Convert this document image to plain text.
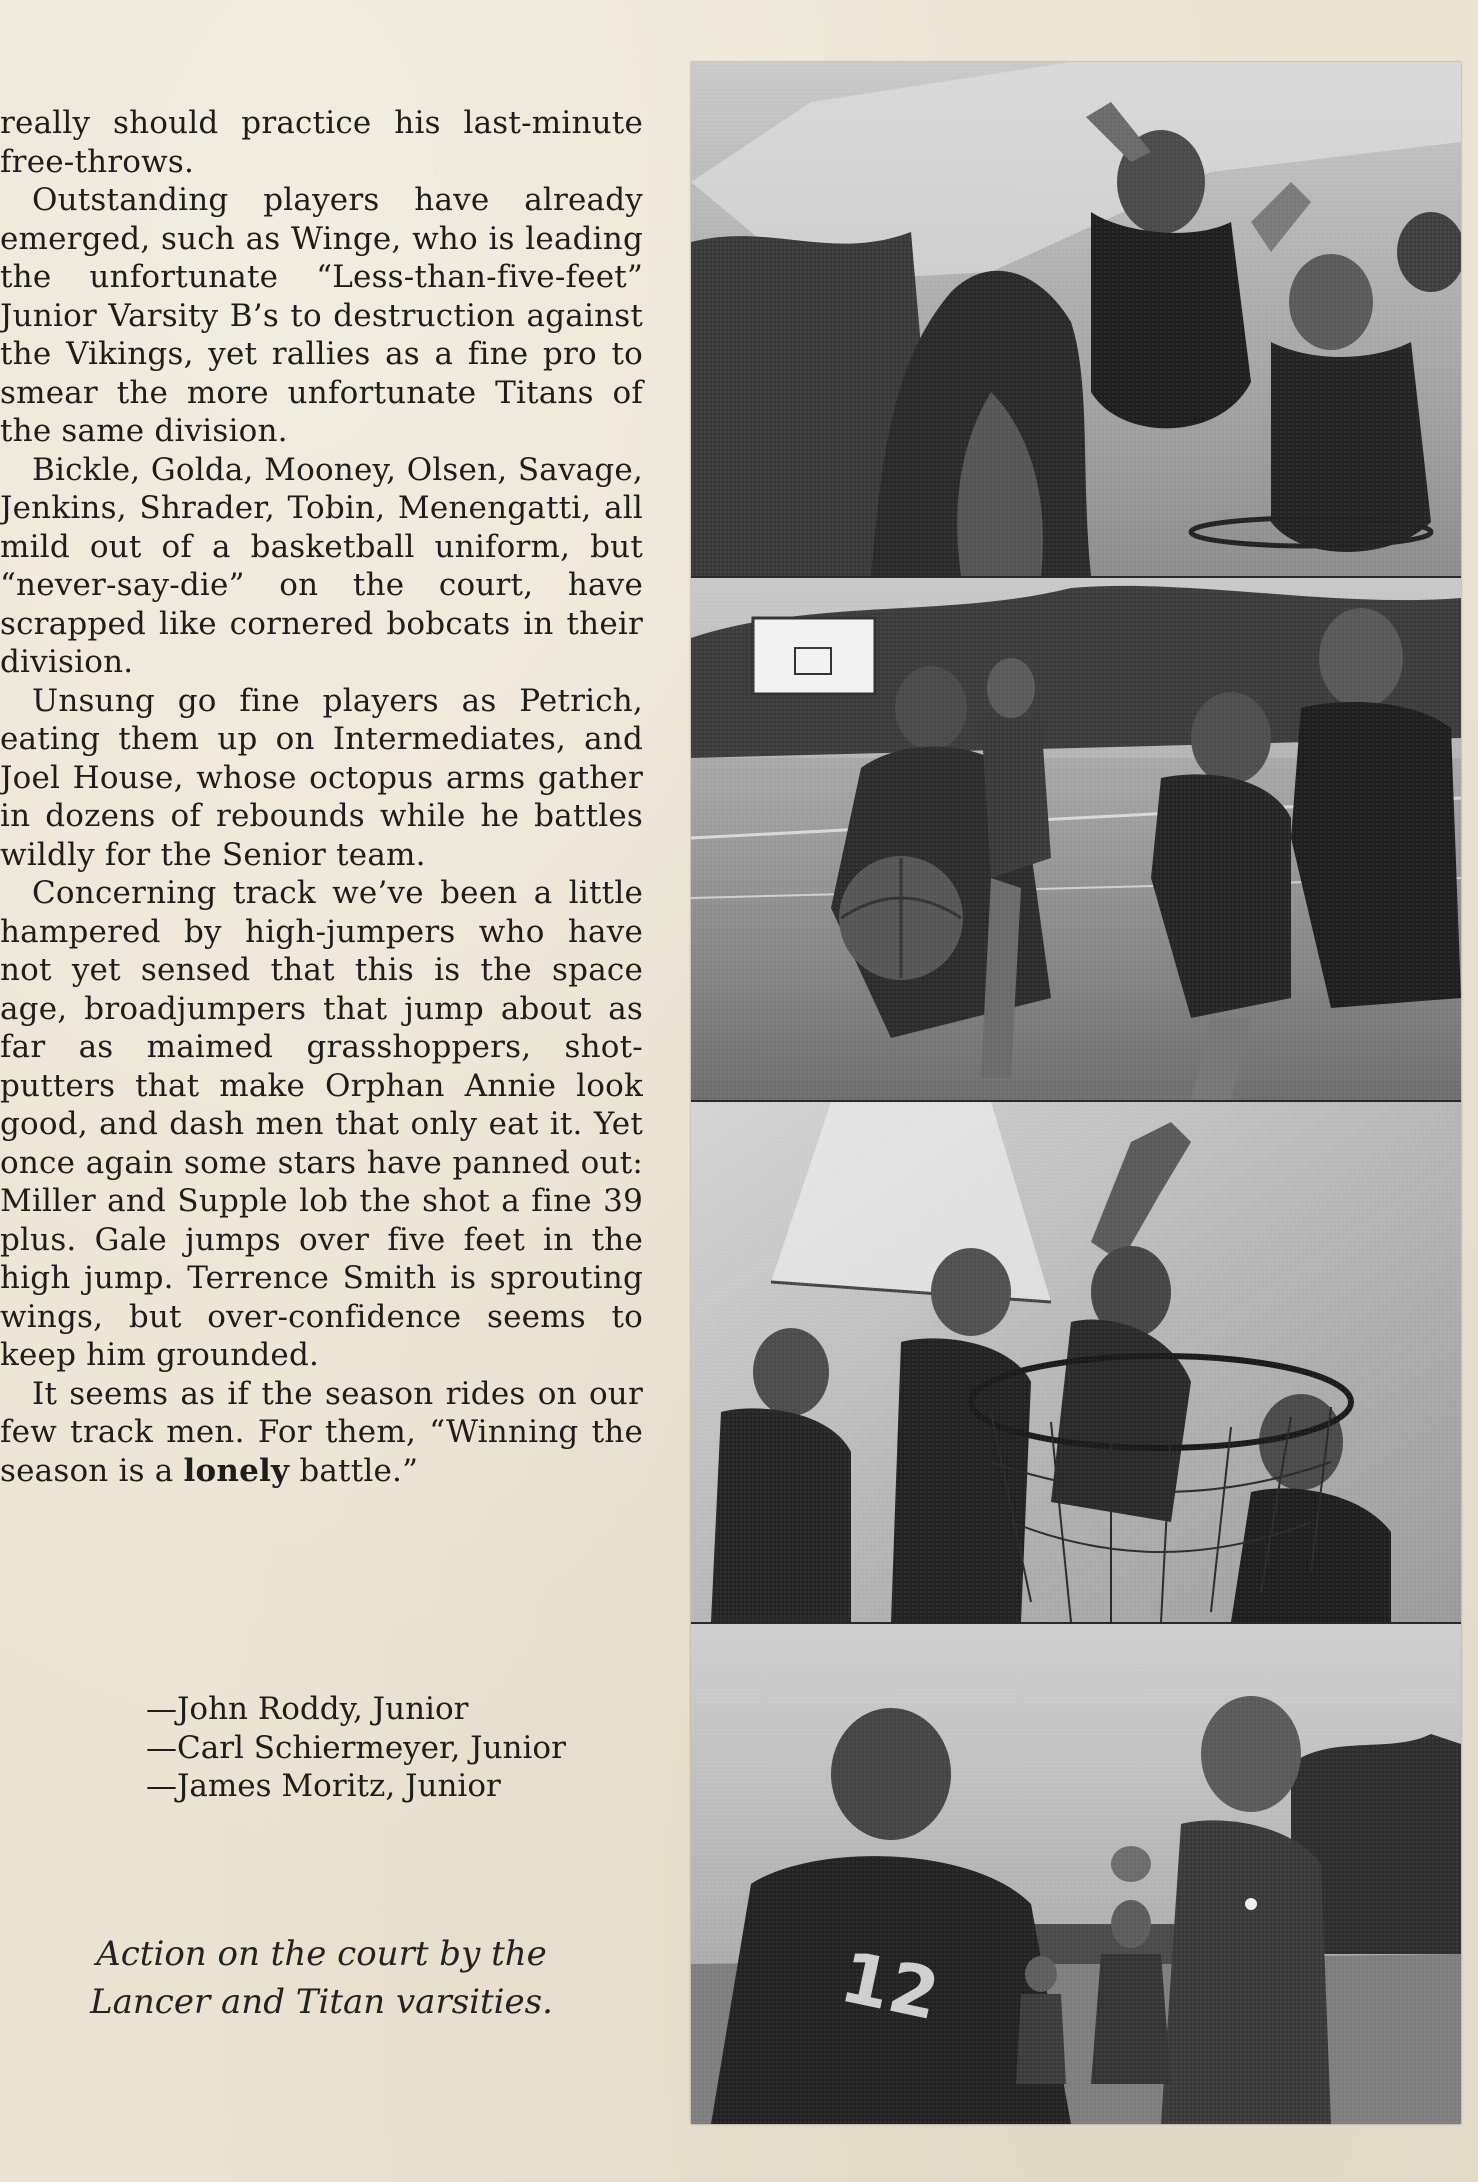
really should practice his last-minute free-throws.

Outstanding players have already emerged, such as Winge, who is leading the unfortunate “Less-than-five-feet” Junior Varsity B’s to destruction against the Vikings, yet rallies as a fine pro to smear the more unfortunate Titans of the same division.

Bickle, Golda, Mooney, Olsen, Savage, Jenkins, Shrader, Tobin, Menengatti, all mild out of a basketball uniform, but “never-say-die” on the court, have scrapped like cornered bobcats in their division.

Unsung go fine players as Petrich, eating them up on Intermediates, and Joel House, whose octopus arms gather in dozens of rebounds while he battles wildly for the Senior team.

Concerning track we’ve been a little hampered by high-jumpers who have not yet sensed that this is the space age, broadjumpers that jump about as far as maimed grasshoppers, shot-putters that make Orphan Annie look good, and dash men that only eat it. Yet once again some stars have panned out: Miller and Supple lob the shot a fine 39 plus. Gale jumps over five feet in the high jump. Terrence Smith is sprouting wings, but over-confidence seems to keep him grounded.

It seems as if the season rides on our few track men. For them, “Winning the season is a lonely battle.”

—John Roddy, Junior
—Carl Schiermeyer, Junior
—James Moritz, Junior
Action on the court by the
Lancer and Titan varsities.
